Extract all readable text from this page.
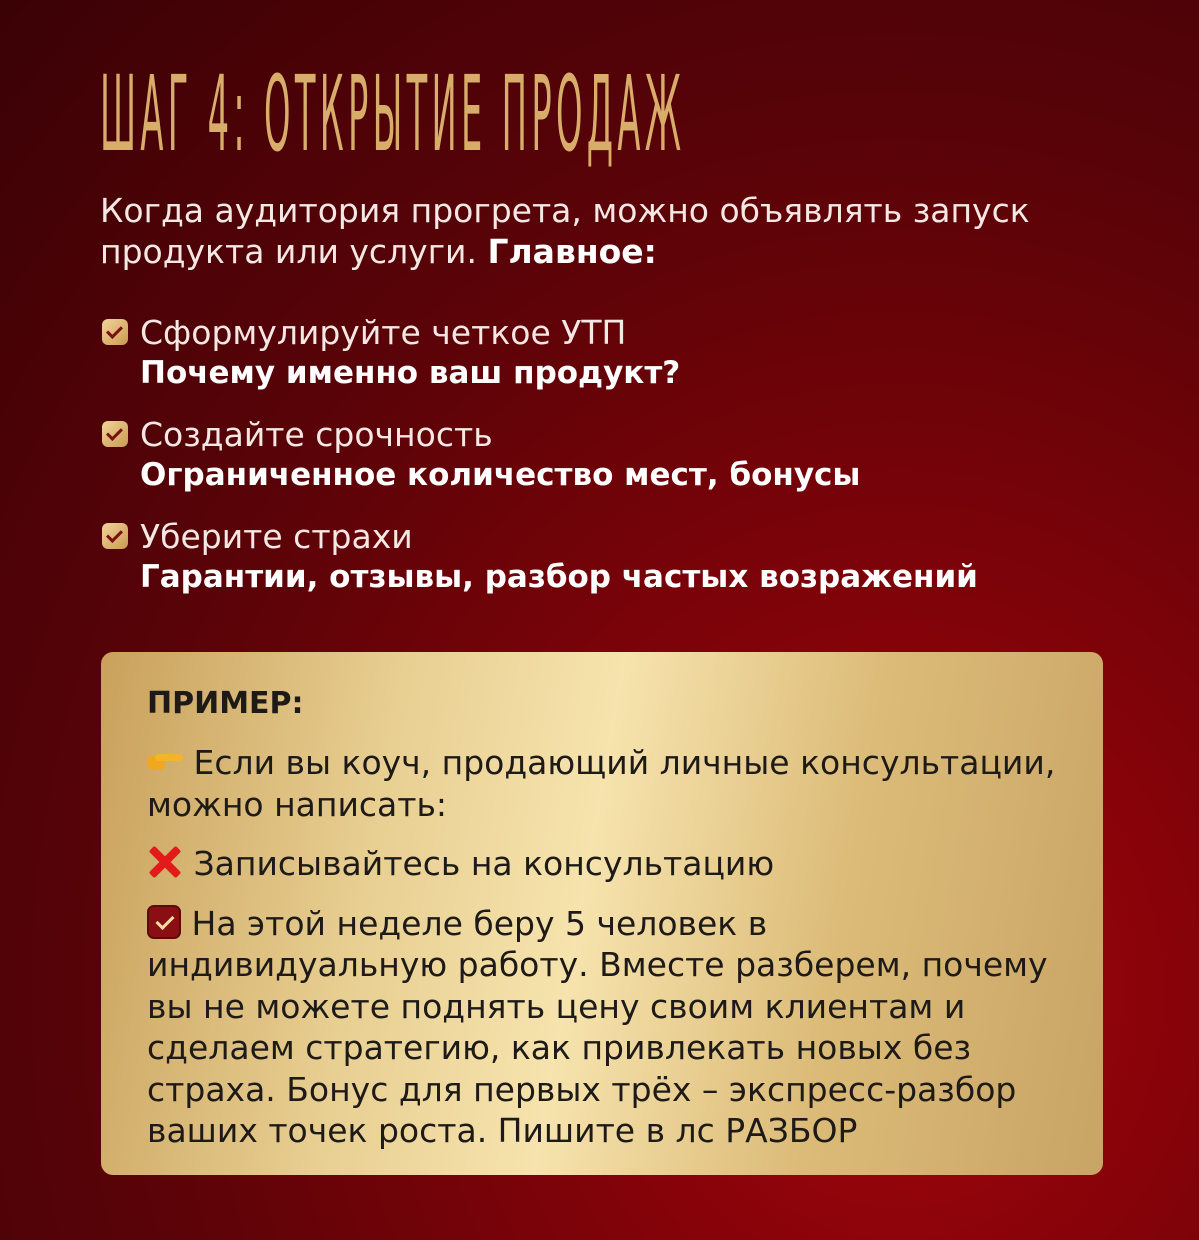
ШАГ 4: ОТКРЫТИЕ ПРОДАЖ
Когда аудитория прогрета, можно объявлять запуск продукта или услуги. Главное:
Сформулируйте четкое УТП
Почему именно ваш продукт?
Создайте срочность
Ограниченное количество мест, бонусы
Уберите страхи
Гарантии, отзывы, разбор частых возражений
ПРИМЕР:

Если вы коуч, продающий личные консультации, можно написать:

Записывайтесь на консультацию

На этой неделе беру 5 человек в индивидуальную работу. Вместе разберем, почему вы не можете поднять цену своим клиентам и сделаем стратегию, как привлекать новых без страха. Бонус для первых трёх – экспресс-разбор ваших точек роста. Пишите в лс РАЗБОР
